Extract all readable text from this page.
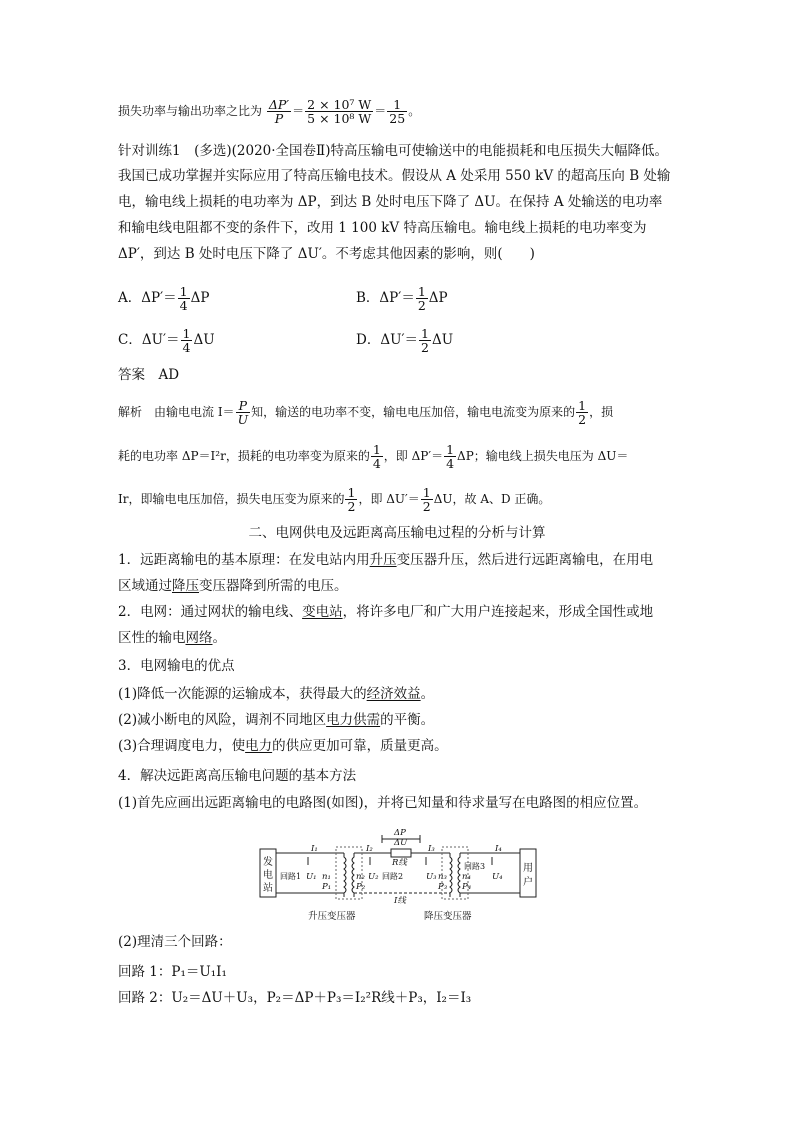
损失功率与输出功率之比为 $\frac{\Delta P'}{P} = \frac{\text{2 × 10⁷ W}}{\text{5 × 10⁸ W}} = \frac{1}{25}$ 。
针对训练1　(多选)(2020·全国卷Ⅱ)特高压输电可使输送中的电能损耗和电压损失大幅降低。
我国已成功掌握并实际应用了特高压输电技术。假设从 A 处采用 550 kV 的超高压向 B 处输
电，输电线上损耗的电功率为 ΔP，到达 B 处时电压下降了 ΔU。在保持 A 处输送的电功率
和输电线电阻都不变的条件下，改用 1 100 kV 特高压输电。输电线上损耗的电功率变为
ΔP′，到达 B 处时电压下降了 ΔU′。不考虑其他因素的影响，则(　　)
A．$\Delta P'= \frac{1}{4}$ ΔP	B．$\Delta P'= \frac{1}{2}$ ΔP
C．$\Delta U'= \frac{1}{4}$ ΔU	D．$\Delta U'= \frac{1}{2}$ ΔU
答案　AD
解析　由输电电流 $I= \frac{P}{U}$ 知，输送的电功率不变，输电电压加倍，输电电流变为原来的 $\frac{1}{2}$ ，损
耗的电功率 ΔP＝I²r，损耗的电功率变为原来的 $\frac{1}{4}$ ，即 $\Delta P'= \frac{1}{4}$ ΔP；输电线上损失电压为 ΔU＝
Ir，即输电电压加倍，损失电压变为原来的 $\frac{1}{2}$ ，即 $\Delta U'= \frac{1}{2}$ ΔU，故 A、D 正确。
二、电网供电及远距离高压输电过程的分析与计算
1．远距离输电的基本原理：在发电站内用升压变压器升压，然后进行远距离输电，在用电
区域通过降压变压器降到所需的电压。
2．电网：通过网状的输电线、变电站，将许多电厂和广大用户连接起来，形成全国性或地
区性的输电网络。
3．电网输电的优点
(1)降低一次能源的运输成本，获得最大的经济效益。
(2)减小断电的风险，调剂不同地区电力供需的平衡。
(3)合理调度电力，使电力的供应更加可靠，质量更高。
4．解决远距离高压输电问题的基本方法
(1)首先应画出远距离输电的电路图(如图)，并将已知量和待求量写在电路图的相应位置。
I₁
U₁ n₁
P₁
I₂
n₂ U₂
P₂
I₃
U₃ n₃
P₃
I₄
n₄ U₄
P₄
ΔP
ΔU
R线
I线
回路1	回路2
回路3
升压变压器	降压变压器
发
电
站
用
户
(2)理清三个回路：
回路 1：P₁＝U₁I₁
回路 2：U₂＝ΔU＋U₃，P₂＝ΔP＋P₃＝I₂²R线＋P₃，I₂＝I₃
